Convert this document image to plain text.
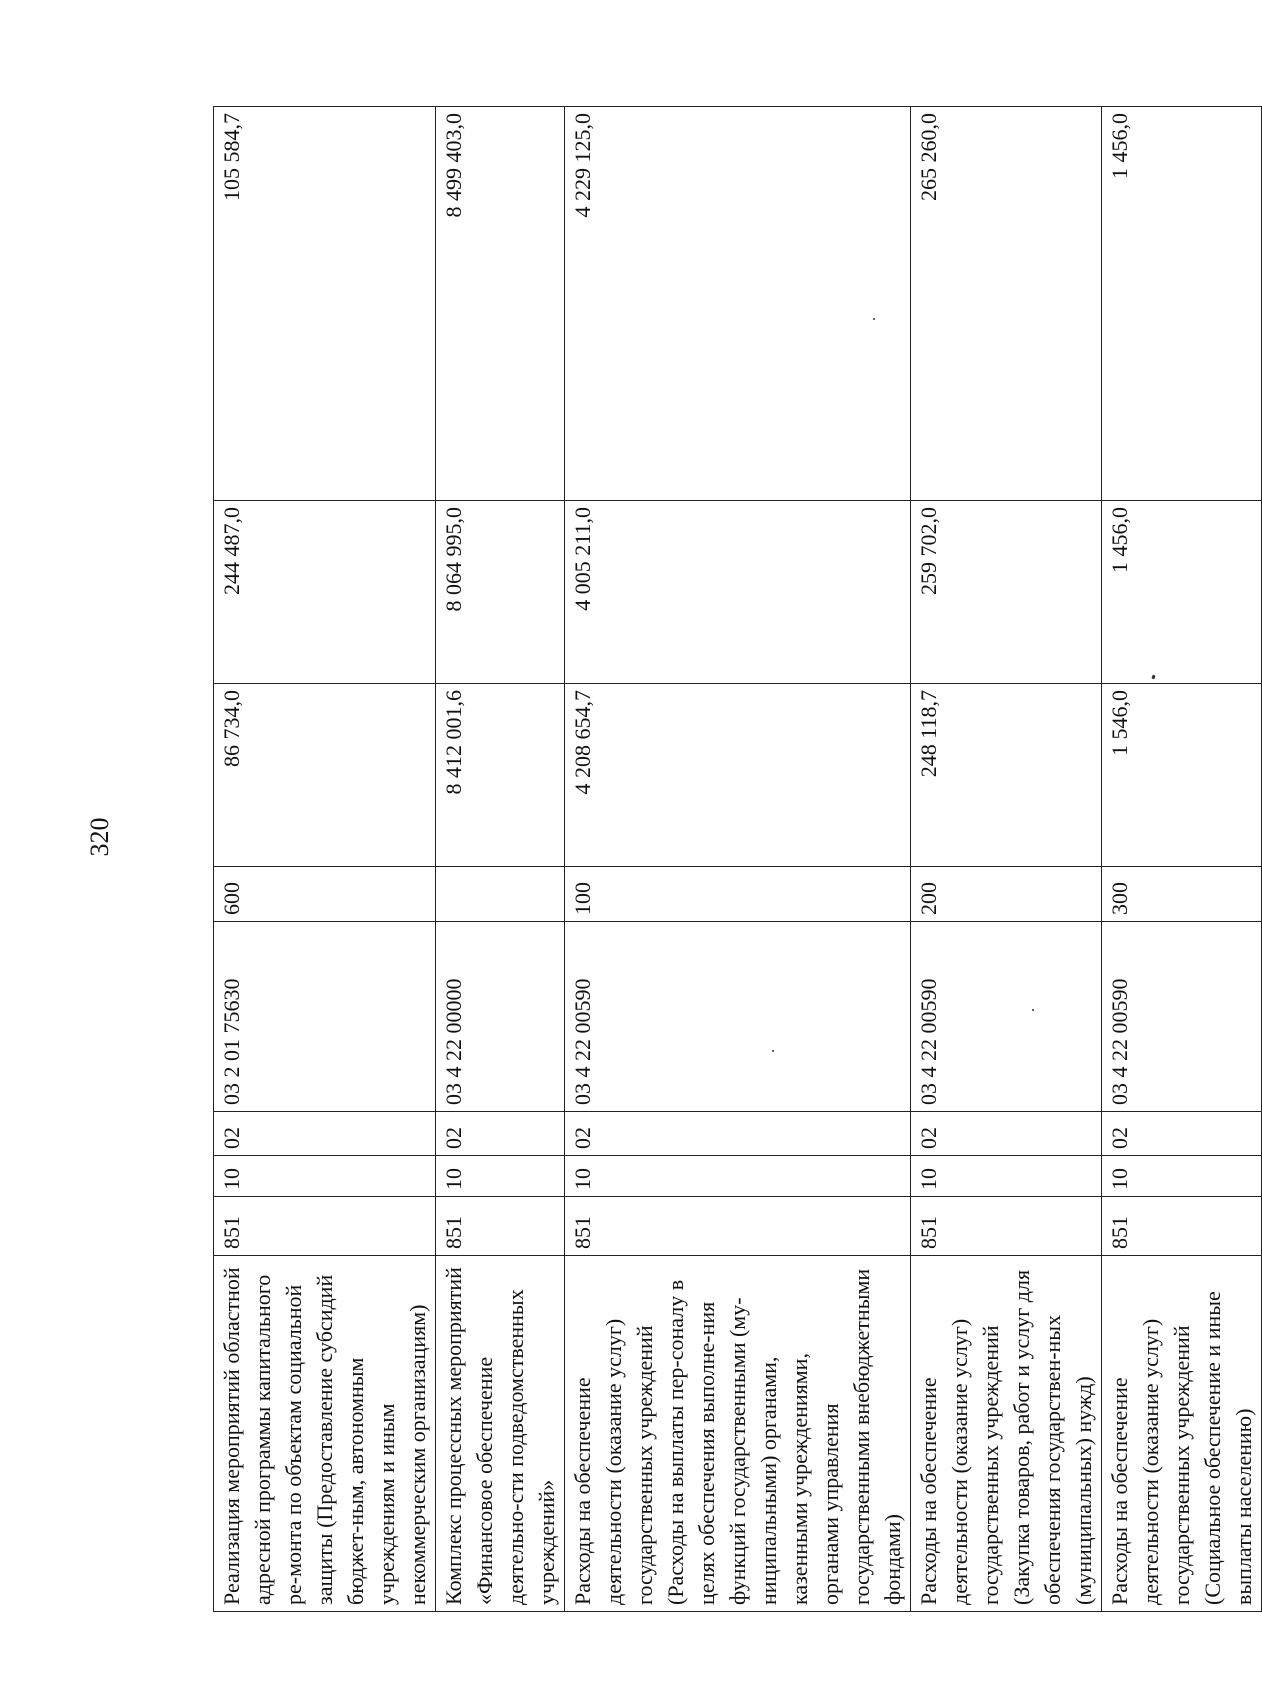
320
Реализация мероприятий областной адресной программы капитального ре-монта по объектам социальной защиты (Предоставление субсидий бюджет-ным, автономным учреждениям и иным некоммерческим организациям)	851	10	02	03 2 01 75630	600	86 734,0	244 487,0	105 584,7
Комплекс процессных мероприятий «Финансовое обеспечение деятельно-сти подведомственных учреждений»	851	10	02	03 4 22 00000		8 412 001,6	8 064 995,0	8 499 403,0
Расходы на обеспечение деятельности (оказание услуг) государственных учреждений (Расходы на выплаты пер-соналу в целях обеспечения выполне-ния функций государственными (му-ниципальными) органами, казенными учреждениями, органами управления государственными внебюджетными фондами)	851	10	02	03 4 22 00590	100	4 208 654,7	4 005 211,0	4 229 125,0
Расходы на обеспечение деятельности (оказание услуг) государственных учреждений (Закупка товаров, работ и услуг для обеспечения государствен-ных (муниципальных) нужд)	851	10	02	03 4 22 00590	200	248 118,7	259 702,0	265 260,0
Расходы на обеспечение деятельности (оказание услуг) государственных учреждений (Социальное обеспечение и иные выплаты населению)	851	10	02	03 4 22 00590	300	1 546,0	1 456,0	1 456,0
